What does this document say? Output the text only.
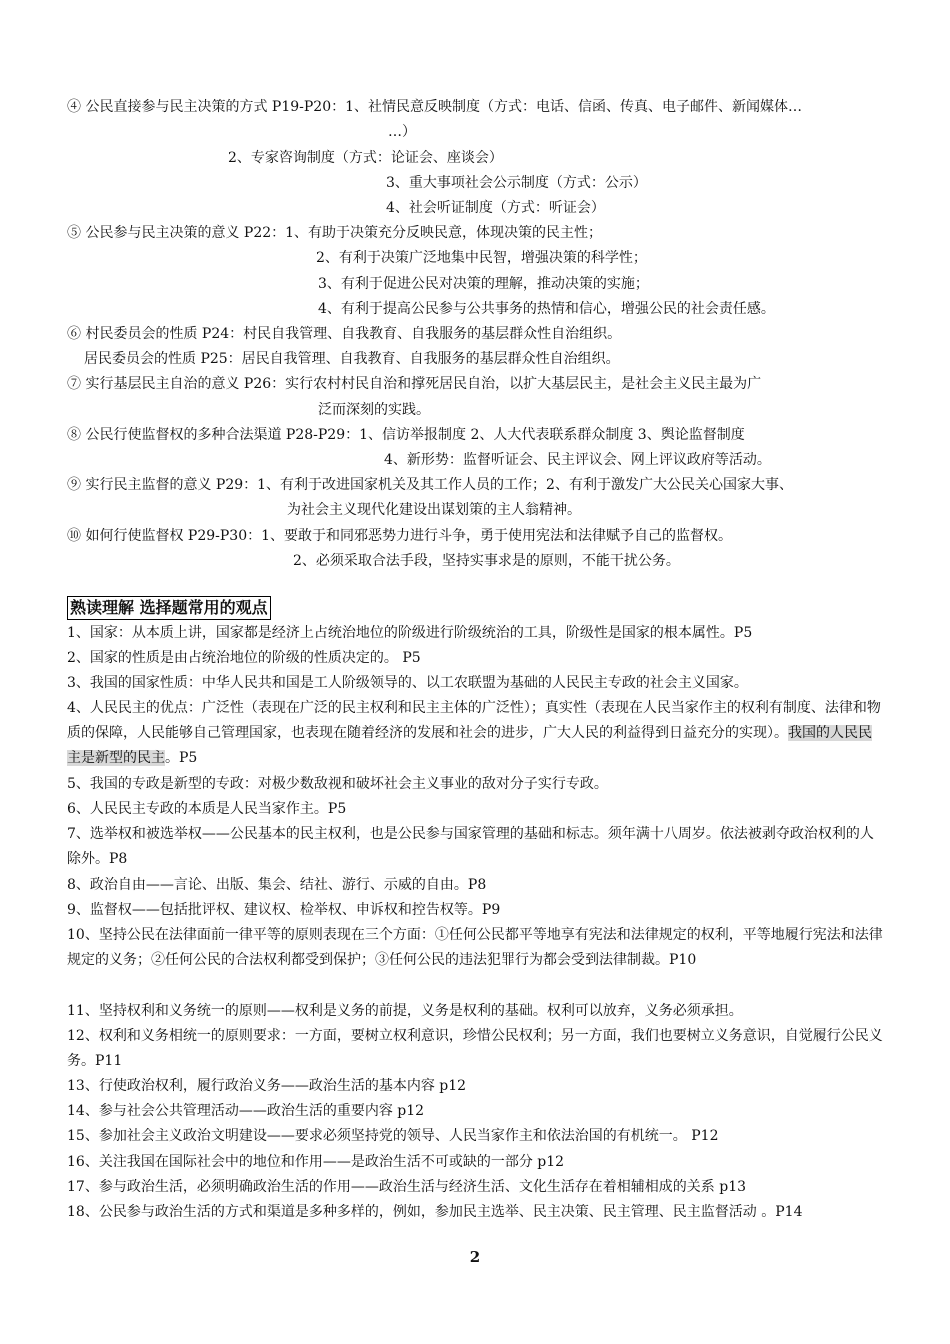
④ 公民直接参与民主决策的方式 P19-P20：1、社情民意反映制度（方式：电话、信函、传真、电子邮件、新闻媒体…
…）
2、专家咨询制度（方式：论证会、座谈会）
3、重大事项社会公示制度（方式：公示）
4、社会听证制度（方式：听证会）
⑤ 公民参与民主决策的意义 P22：1、有助于决策充分反映民意，体现决策的民主性；
2、有利于决策广泛地集中民智，增强决策的科学性；
3、有利于促进公民对决策的理解，推动决策的实施；
4、有利于提高公民参与公共事务的热情和信心，增强公民的社会责任感。
⑥ 村民委员会的性质 P24：村民自我管理、自我教育、自我服务的基层群众性自治组织。
居民委员会的性质 P25：居民自我管理、自我教育、自我服务的基层群众性自治组织。
⑦ 实行基层民主自治的意义 P26：实行农村村民自治和撑死居民自治，以扩大基层民主，是社会主义民主最为广
泛而深刻的实践。
⑧ 公民行使监督权的多种合法渠道 P28-P29：1、信访举报制度 2、人大代表联系群众制度 3、舆论监督制度
4、新形势：监督听证会、民主评议会、网上评议政府等活动。
⑨ 实行民主监督的意义 P29：1、有利于改进国家机关及其工作人员的工作；2、有利于激发广大公民关心国家大事、
为社会主义现代化建设出谋划策的主人翁精神。
⑩ 如何行使监督权 P29-P30：1、要敢于和同邪恶势力进行斗争，勇于使用宪法和法律赋予自己的监督权。
2、必须采取合法手段，坚持实事求是的原则，不能干扰公务。
熟读理解 选择题常用的观点
1、国家：从本质上讲，国家都是经济上占统治地位的阶级进行阶级统治的工具，阶级性是国家的根本属性。P5
2、国家的性质是由占统治地位的阶级的性质决定的。 P5
3、我国的国家性质：中华人民共和国是工人阶级领导的、以工农联盟为基础的人民民主专政的社会主义国家。
4、人民民主的优点：广泛性（表现在广泛的民主权利和民主主体的广泛性）；真实性（表现在人民当家作主的权利有制度、法律和物质的保障，人民能够自己管理国家，也表现在随着经济的发展和社会的进步，广大人民的利益得到日益充分的实现）。我国的人民民主是新型的民主。P5
5、我国的专政是新型的专政：对极少数敌视和破坏社会主义事业的敌对分子实行专政。
6、人民民主专政的本质是人民当家作主。P5
7、选举权和被选举权——公民基本的民主权利，也是公民参与国家管理的基础和标志。须年满十八周岁。依法被剥夺政治权利的人除外。P8
8、政治自由——言论、出版、集会、结社、游行、示威的自由。P8
9、监督权——包括批评权、建议权、检举权、申诉权和控告权等。P9
10、坚持公民在法律面前一律平等的原则表现在三个方面：①任何公民都平等地享有宪法和法律规定的权利，平等地履行宪法和法律规定的义务；②任何公民的合法权利都受到保护；③任何公民的违法犯罪行为都会受到法律制裁。P10
11、坚持权利和义务统一的原则——权利是义务的前提，义务是权利的基础。权利可以放弃，义务必须承担。
12、权利和义务相统一的原则要求：一方面，要树立权利意识，珍惜公民权利；另一方面，我们也要树立义务意识，自觉履行公民义务。P11
13、行使政治权利，履行政治义务——政治生活的基本内容 p12
14、参与社会公共管理活动——政治生活的重要内容 p12
15、参加社会主义政治文明建设——要求必须坚持党的领导、人民当家作主和依法治国的有机统一。 P12
16、关注我国在国际社会中的地位和作用——是政治生活不可或缺的一部分 p12
17、参与政治生活，必须明确政治生活的作用——政治生活与经济生活、文化生活存在着相辅相成的关系 p13
18、公民参与政治生活的方式和渠道是多种多样的，例如，参加民主选举、民主决策、民主管理、民主监督活动 。P14
2
